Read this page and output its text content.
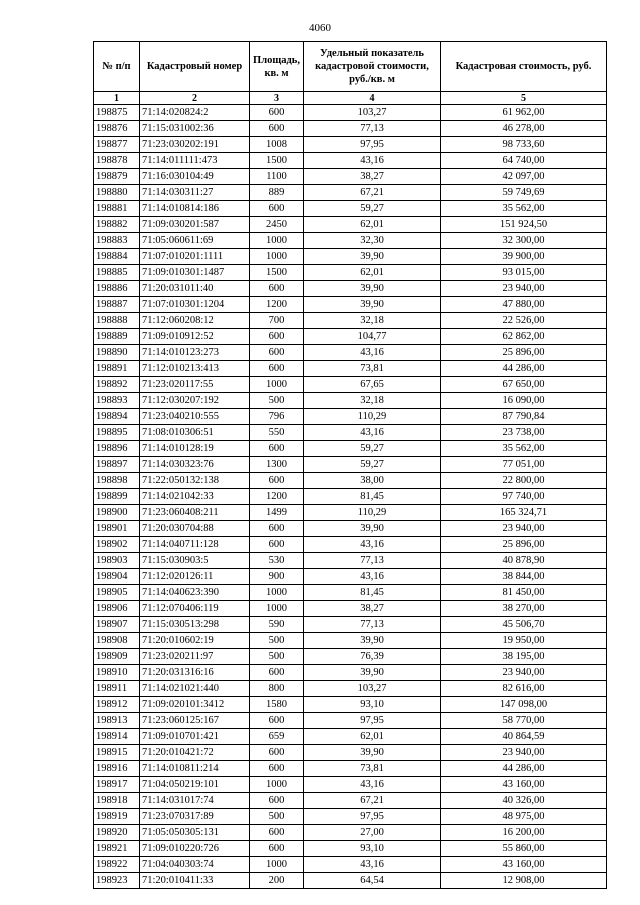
4060
№ п/п	Кадастровый номер	Площадь, кв. м	Удельный показатель кадастровой стоимости, руб./кв. м	Кадастровая стоимость, руб.
1	2	3	4	5
198875	71:14:020824:2	600	103,27	61 962,00
198876	71:15:031002:36	600	77,13	46 278,00
198877	71:23:030202:191	1008	97,95	98 733,60
198878	71:14:011111:473	1500	43,16	64 740,00
198879	71:16:030104:49	1100	38,27	42 097,00
198880	71:14:030311:27	889	67,21	59 749,69
198881	71:14:010814:186	600	59,27	35 562,00
198882	71:09:030201:587	2450	62,01	151 924,50
198883	71:05:060611:69	1000	32,30	32 300,00
198884	71:07:010201:1111	1000	39,90	39 900,00
198885	71:09:010301:1487	1500	62,01	93 015,00
198886	71:20:031011:40	600	39,90	23 940,00
198887	71:07:010301:1204	1200	39,90	47 880,00
198888	71:12:060208:12	700	32,18	22 526,00
198889	71:09:010912:52	600	104,77	62 862,00
198890	71:14:010123:273	600	43,16	25 896,00
198891	71:12:010213:413	600	73,81	44 286,00
198892	71:23:020117:55	1000	67,65	67 650,00
198893	71:12:030207:192	500	32,18	16 090,00
198894	71:23:040210:555	796	110,29	87 790,84
198895	71:08:010306:51	550	43,16	23 738,00
198896	71:14:010128:19	600	59,27	35 562,00
198897	71:14:030323:76	1300	59,27	77 051,00
198898	71:22:050132:138	600	38,00	22 800,00
198899	71:14:021042:33	1200	81,45	97 740,00
198900	71:23:060408:211	1499	110,29	165 324,71
198901	71:20:030704:88	600	39,90	23 940,00
198902	71:14:040711:128	600	43,16	25 896,00
198903	71:15:030903:5	530	77,13	40 878,90
198904	71:12:020126:11	900	43,16	38 844,00
198905	71:14:040623:390	1000	81,45	81 450,00
198906	71:12:070406:119	1000	38,27	38 270,00
198907	71:15:030513:298	590	77,13	45 506,70
198908	71:20:010602:19	500	39,90	19 950,00
198909	71:23:020211:97	500	76,39	38 195,00
198910	71:20:031316:16	600	39,90	23 940,00
198911	71:14:021021:440	800	103,27	82 616,00
198912	71:09:020101:3412	1580	93,10	147 098,00
198913	71:23:060125:167	600	97,95	58 770,00
198914	71:09:010701:421	659	62,01	40 864,59
198915	71:20:010421:72	600	39,90	23 940,00
198916	71:14:010811:214	600	73,81	44 286,00
198917	71:04:050219:101	1000	43,16	43 160,00
198918	71:14:031017:74	600	67,21	40 326,00
198919	71:23:070317:89	500	97,95	48 975,00
198920	71:05:050305:131	600	27,00	16 200,00
198921	71:09:010220:726	600	93,10	55 860,00
198922	71:04:040303:74	1000	43,16	43 160,00
198923	71:20:010411:33	200	64,54	12 908,00
